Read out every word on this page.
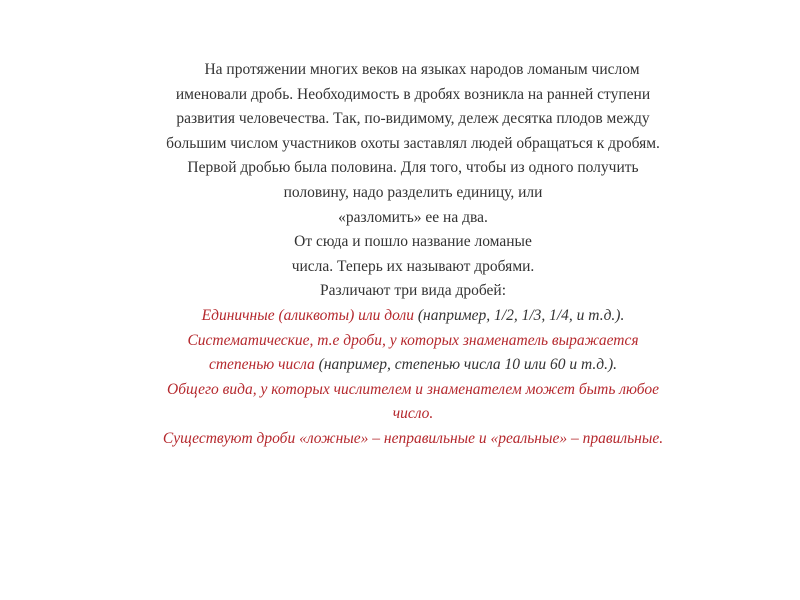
На протяжении многих веков на языках народов ломаным числом
именовали дробь. Необходимость в дробях возникла на ранней ступени
развития человечества. Так, по-видимому, дележ десятка плодов между
большим числом участников охоты заставлял людей обращаться к дробям.
Первой дробью была половина. Для того, чтобы из одного получить
половину, надо разделить единицу, или
«разломить» ее на два.
От сюда и пошло название ломаные
числа. Теперь их называют дробями.
Различают три вида дробей:
Единичные (аликвоты) или доли (например, 1/2, 1/3, 1/4, и т.д.).
Систематические, т.е дроби, у которых знаменатель выражается
степенью числа (например, степенью числа 10 или 60 и т.д.).
Общего вида, у которых числителем и знаменателем может быть любое
число.
Существуют дроби «ложные» – неправильные и «реальные» – правильные.
